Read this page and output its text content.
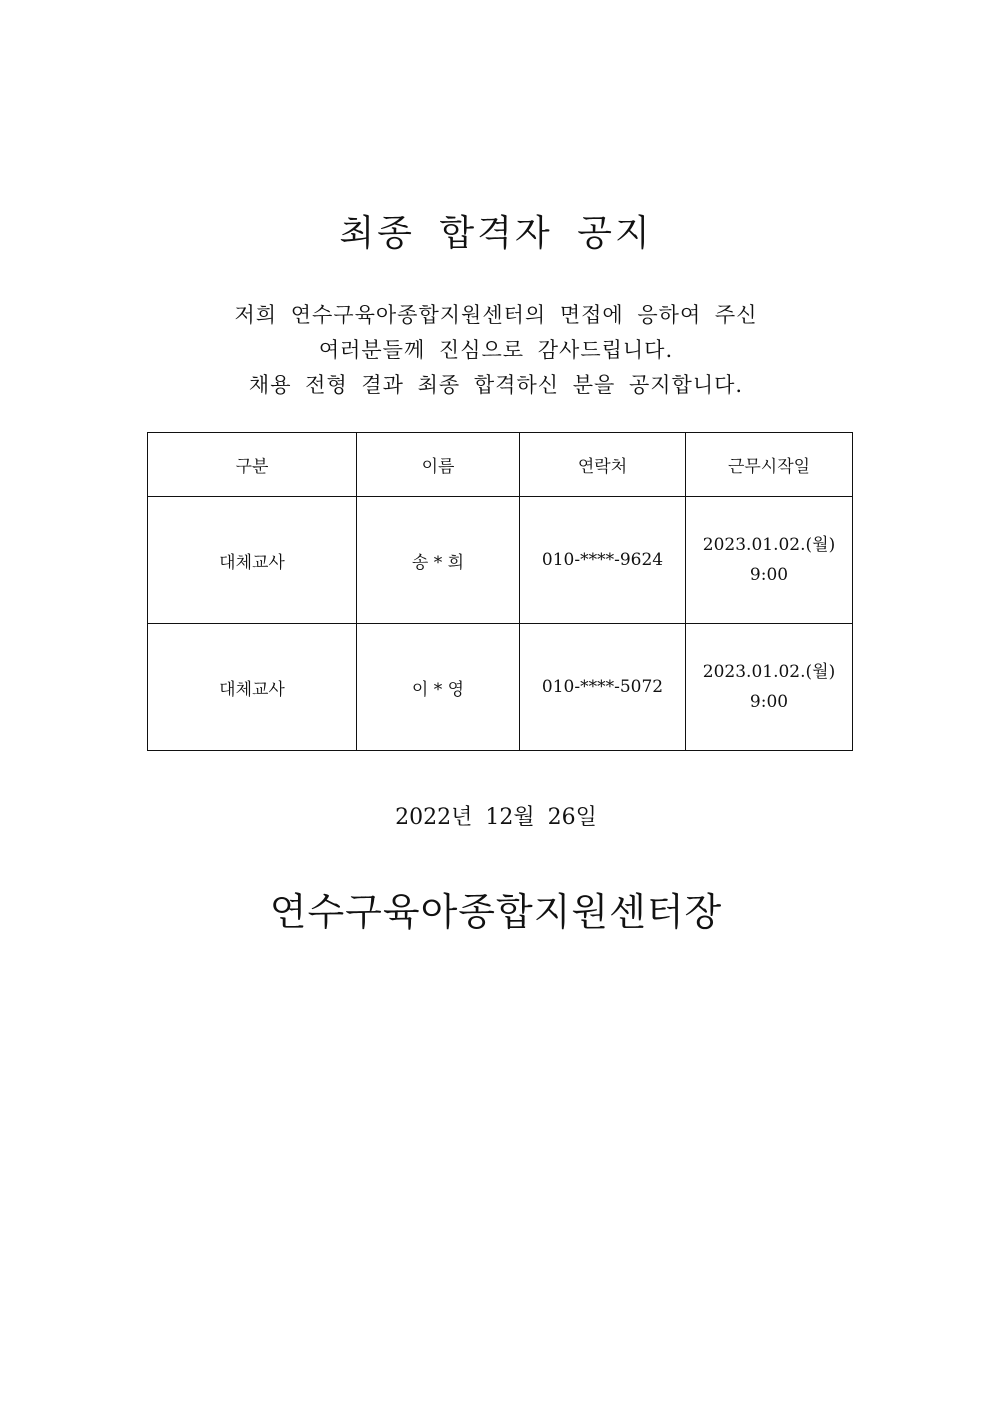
최종 합격자 공지
저희 연수구육아종합지원센터의 면접에 응하여 주신
여러분들께 진심으로 감사드립니다.
채용 전형 결과 최종 합격하신 분을 공지합니다.
구분	이름	연락처	근무시작일
대체교사	송 * 희	010-****-9624	2023.01.02.(월)
9:00

대체교사	이 * 영	010-****-5072	2023.01.02.(월)
9:00
2022년 12월 26일
연수구육아종합지원센터장
